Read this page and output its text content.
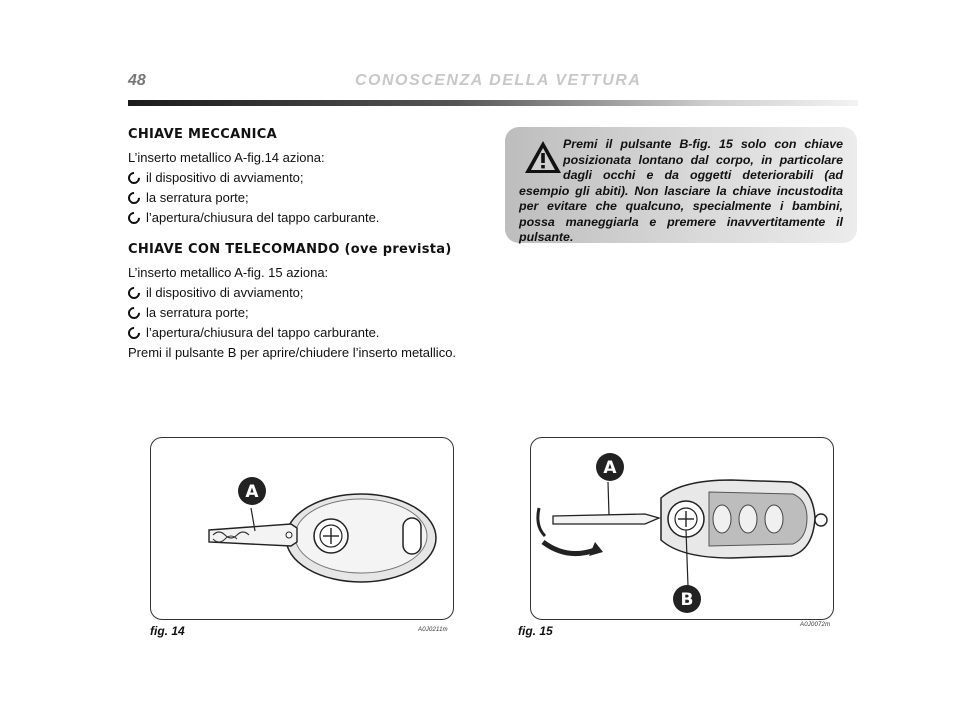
48	CONOSCENZA DELLA VETTURA
CHIAVE MECCANICA

L’inserto metallico A-fig.14 aziona:

il dispositivo di avviamento;
la serratura porte;
l’apertura/chiusura del tappo carburante.
CHIAVE CON TELECOMANDO (ove prevista)

L’inserto metallico A-fig. 15 aziona:

il dispositivo di avviamento;
la serratura porte;
l’apertura/chiusura del tappo carburante.

Premi il pulsante B per aprire/chiudere l’inserto metallico.

Premi il pulsante B-fig. 15 solo con chiave posizionata lontano dal corpo, in particolare dagli occhi e da oggetti deteriorabili (ad esempio gli abiti). Non lasciare la chiave incustodita per evitare che qualcuno, specialmente i bambini, possa maneggiarla e premere inavvertitamente il pulsante.

A
fig. 14	A0J0211m
A
B
fig. 15	A0J0072m
